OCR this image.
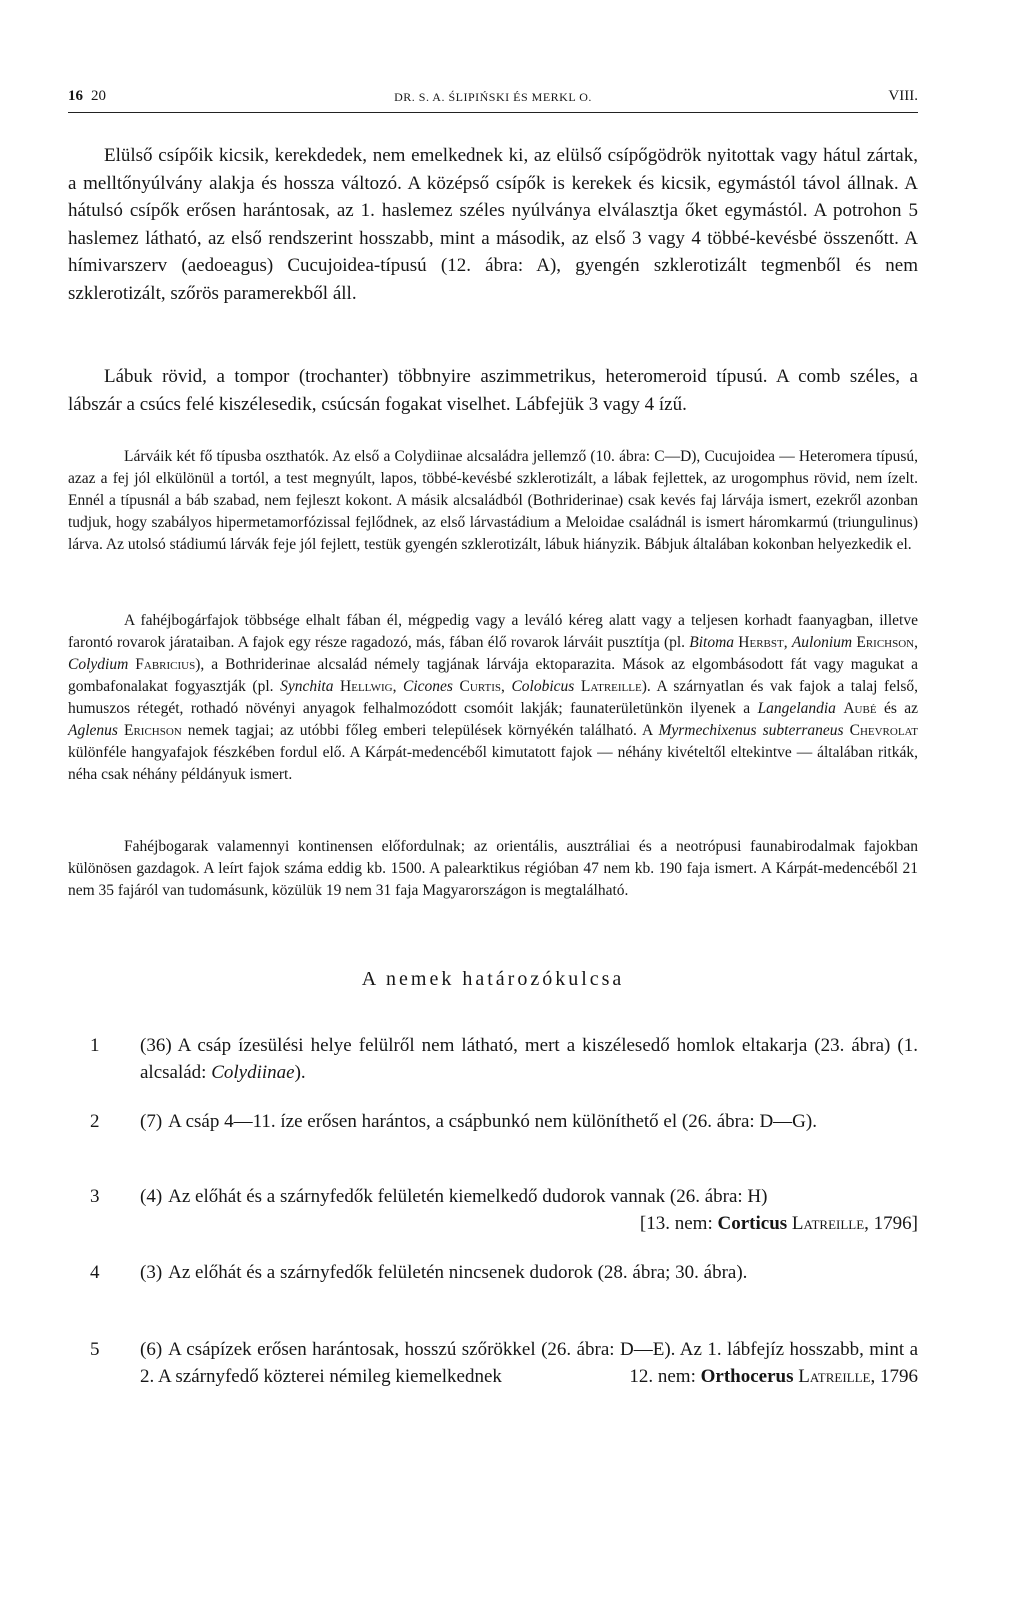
16 20	DR. S. A. ŚLIPIŃSKI ÉS MERKL O.	VIII.

Elülső csípőik kicsik, kerekdedek, nem emelkednek ki, az elülső csípőgödrök nyitottak vagy hátul zártak, a melltőnyúlvány alakja és hossza változó. A középső csípők is kerekek és kicsik, egymástól távol állnak. A hátulsó csípők erősen harántosak, az 1. haslemez széles nyúlványa elválasztja őket egymástól. A potrohon 5 haslemez látható, az első rendszerint hosszabb, mint a második, az első 3 vagy 4 többé-kevésbé összenőtt. A hímivarszerv (aedoeagus) Cucujoidea-típusú (12. ábra: A), gyengén szklerotizált tegmenből és nem szklerotizált, szőrös paramerekből áll.

Lábuk rövid, a tompor (trochanter) többnyire aszimmetrikus, heteromeroid típusú. A comb széles, a lábszár a csúcs felé kiszélesedik, csúcsán fogakat viselhet. Lábfejük 3 vagy 4 ízű.

Lárváik két fő típusba oszthatók. Az első a Colydiinae alcsaládra jellemző (10. ábra: C—D), Cucujoidea — Heteromera típusú, azaz a fej jól elkülönül a tortól, a test megnyúlt, lapos, többé-kevésbé szklerotizált, a lábak fejlettek, az urogomphus rövid, nem ízelt. Ennél a típusnál a báb szabad, nem fejleszt kokont. A másik alcsaládból (Bothriderinae) csak kevés faj lárvája ismert, ezekről azonban tudjuk, hogy szabályos hipermetamorfózissal fejlődnek, az első lárvastádium a Meloidae családnál is ismert háromkarmú (triungulinus) lárva. Az utolsó stádiumú lárvák feje jól fejlett, testük gyengén szklerotizált, lábuk hiányzik. Bábjuk általában kokonban helyezkedik el.

A fahéjbogárfajok többsége elhalt fában él, mégpedig vagy a leváló kéreg alatt vagy a teljesen korhadt faanyagban, illetve farontó rovarok járataiban. A fajok egy része ragadozó, más, fában élő rovarok lárváit pusztítja (pl. Bitoma Herbst, Aulonium Erichson, Colydium Fabricius), a Bothriderinae alcsalád némely tagjának lárvája ektoparazita. Mások az elgombásodott fát vagy magukat a gombafonalakat fogyasztják (pl. Synchita Hellwig, Cicones Curtis, Colobicus Latreille). A szárnyatlan és vak fajok a talaj felső, humuszos rétegét, rothadó növényi anyagok felhalmozódott csomóit lakják; faunaterületünkön ilyenek a Langelandia Aubé és az Aglenus Erichson nemek tagjai; az utóbbi főleg emberi települések környékén található. A Myrmechixenus subterraneus Chevrolat különféle hangyafajok fészkében fordul elő. A Kárpát-medencéből kimutatott fajok — néhány kivételtől eltekintve — általában ritkák, néha csak néhány példányuk ismert.

Fahéjbogarak valamennyi kontinensen előfordulnak; az orientális, ausztráliai és a neotrópusi faunabirodalmak fajokban különösen gazdagok. A leírt fajok száma eddig kb. 1500. A palearktikus régióban 47 nem kb. 190 faja ismert. A Kárpát-medencéből 21 nem 35 fajáról van tudomásunk, közülük 19 nem 31 faja Magyarországon is megtalálható.

A nemek határozókulcsa
1	(36) A csáp ízesülési helye felülről nem látható, mert a kiszélesedő homlok eltakarja (23. ábra) (1. alcsalád: Colydiinae).
2	(7) A csáp 4—11. íze erősen harántos, a csápbunkó nem különíthető el (26. ábra: D—G).
3	(4) Az előhát és a szárnyfedők felületén kiemelkedő dudorok vannak (26. ábra: H)
[13. nem: Corticus Latreille, 1796]
4	(3) Az előhát és a szárnyfedők felületén nincsenek dudorok (28. ábra; 30. ábra).
5	(6) A csápízek erősen harántosak, hosszú szőrökkel (26. ábra: D—E). Az 1. lábfejíz hosszabb, mint a 2. A szárnyfedő közterei némileg kiemelkednek	12. nem: Orthocerus Latreille, 1796
